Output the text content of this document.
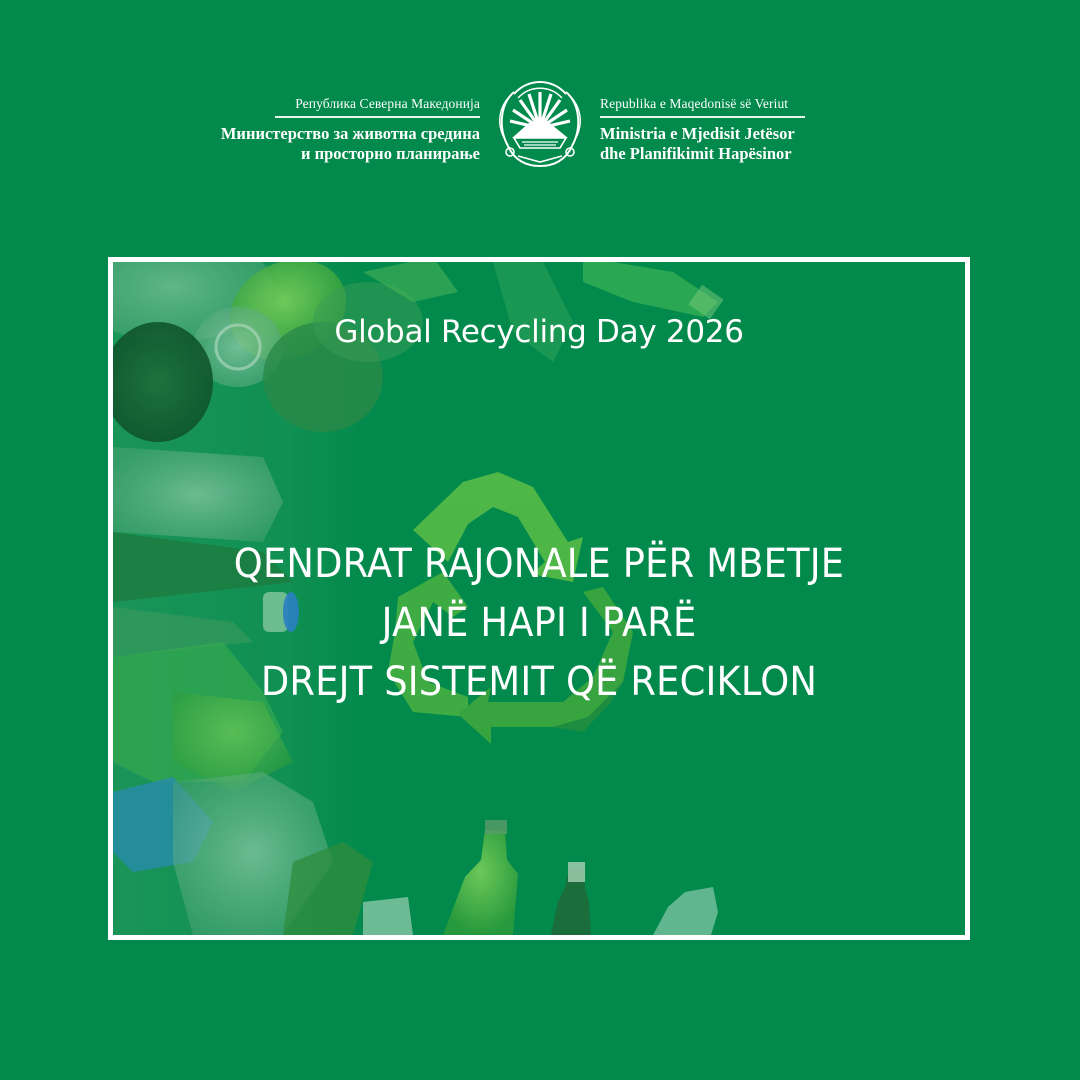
Република Северна Македонија
Министерство за животна средина
и просторно планирање
Republika e Maqedonisë së Veriut
Ministria e Mjedisit Jetësor
dhe Planifikimit Hapësinor
Global Recycling Day 2026
QENDRAT RAJONALE PËR MBETJE
JANË HAPI I PARË
DREJT SISTEMIT QË RECIKLON
